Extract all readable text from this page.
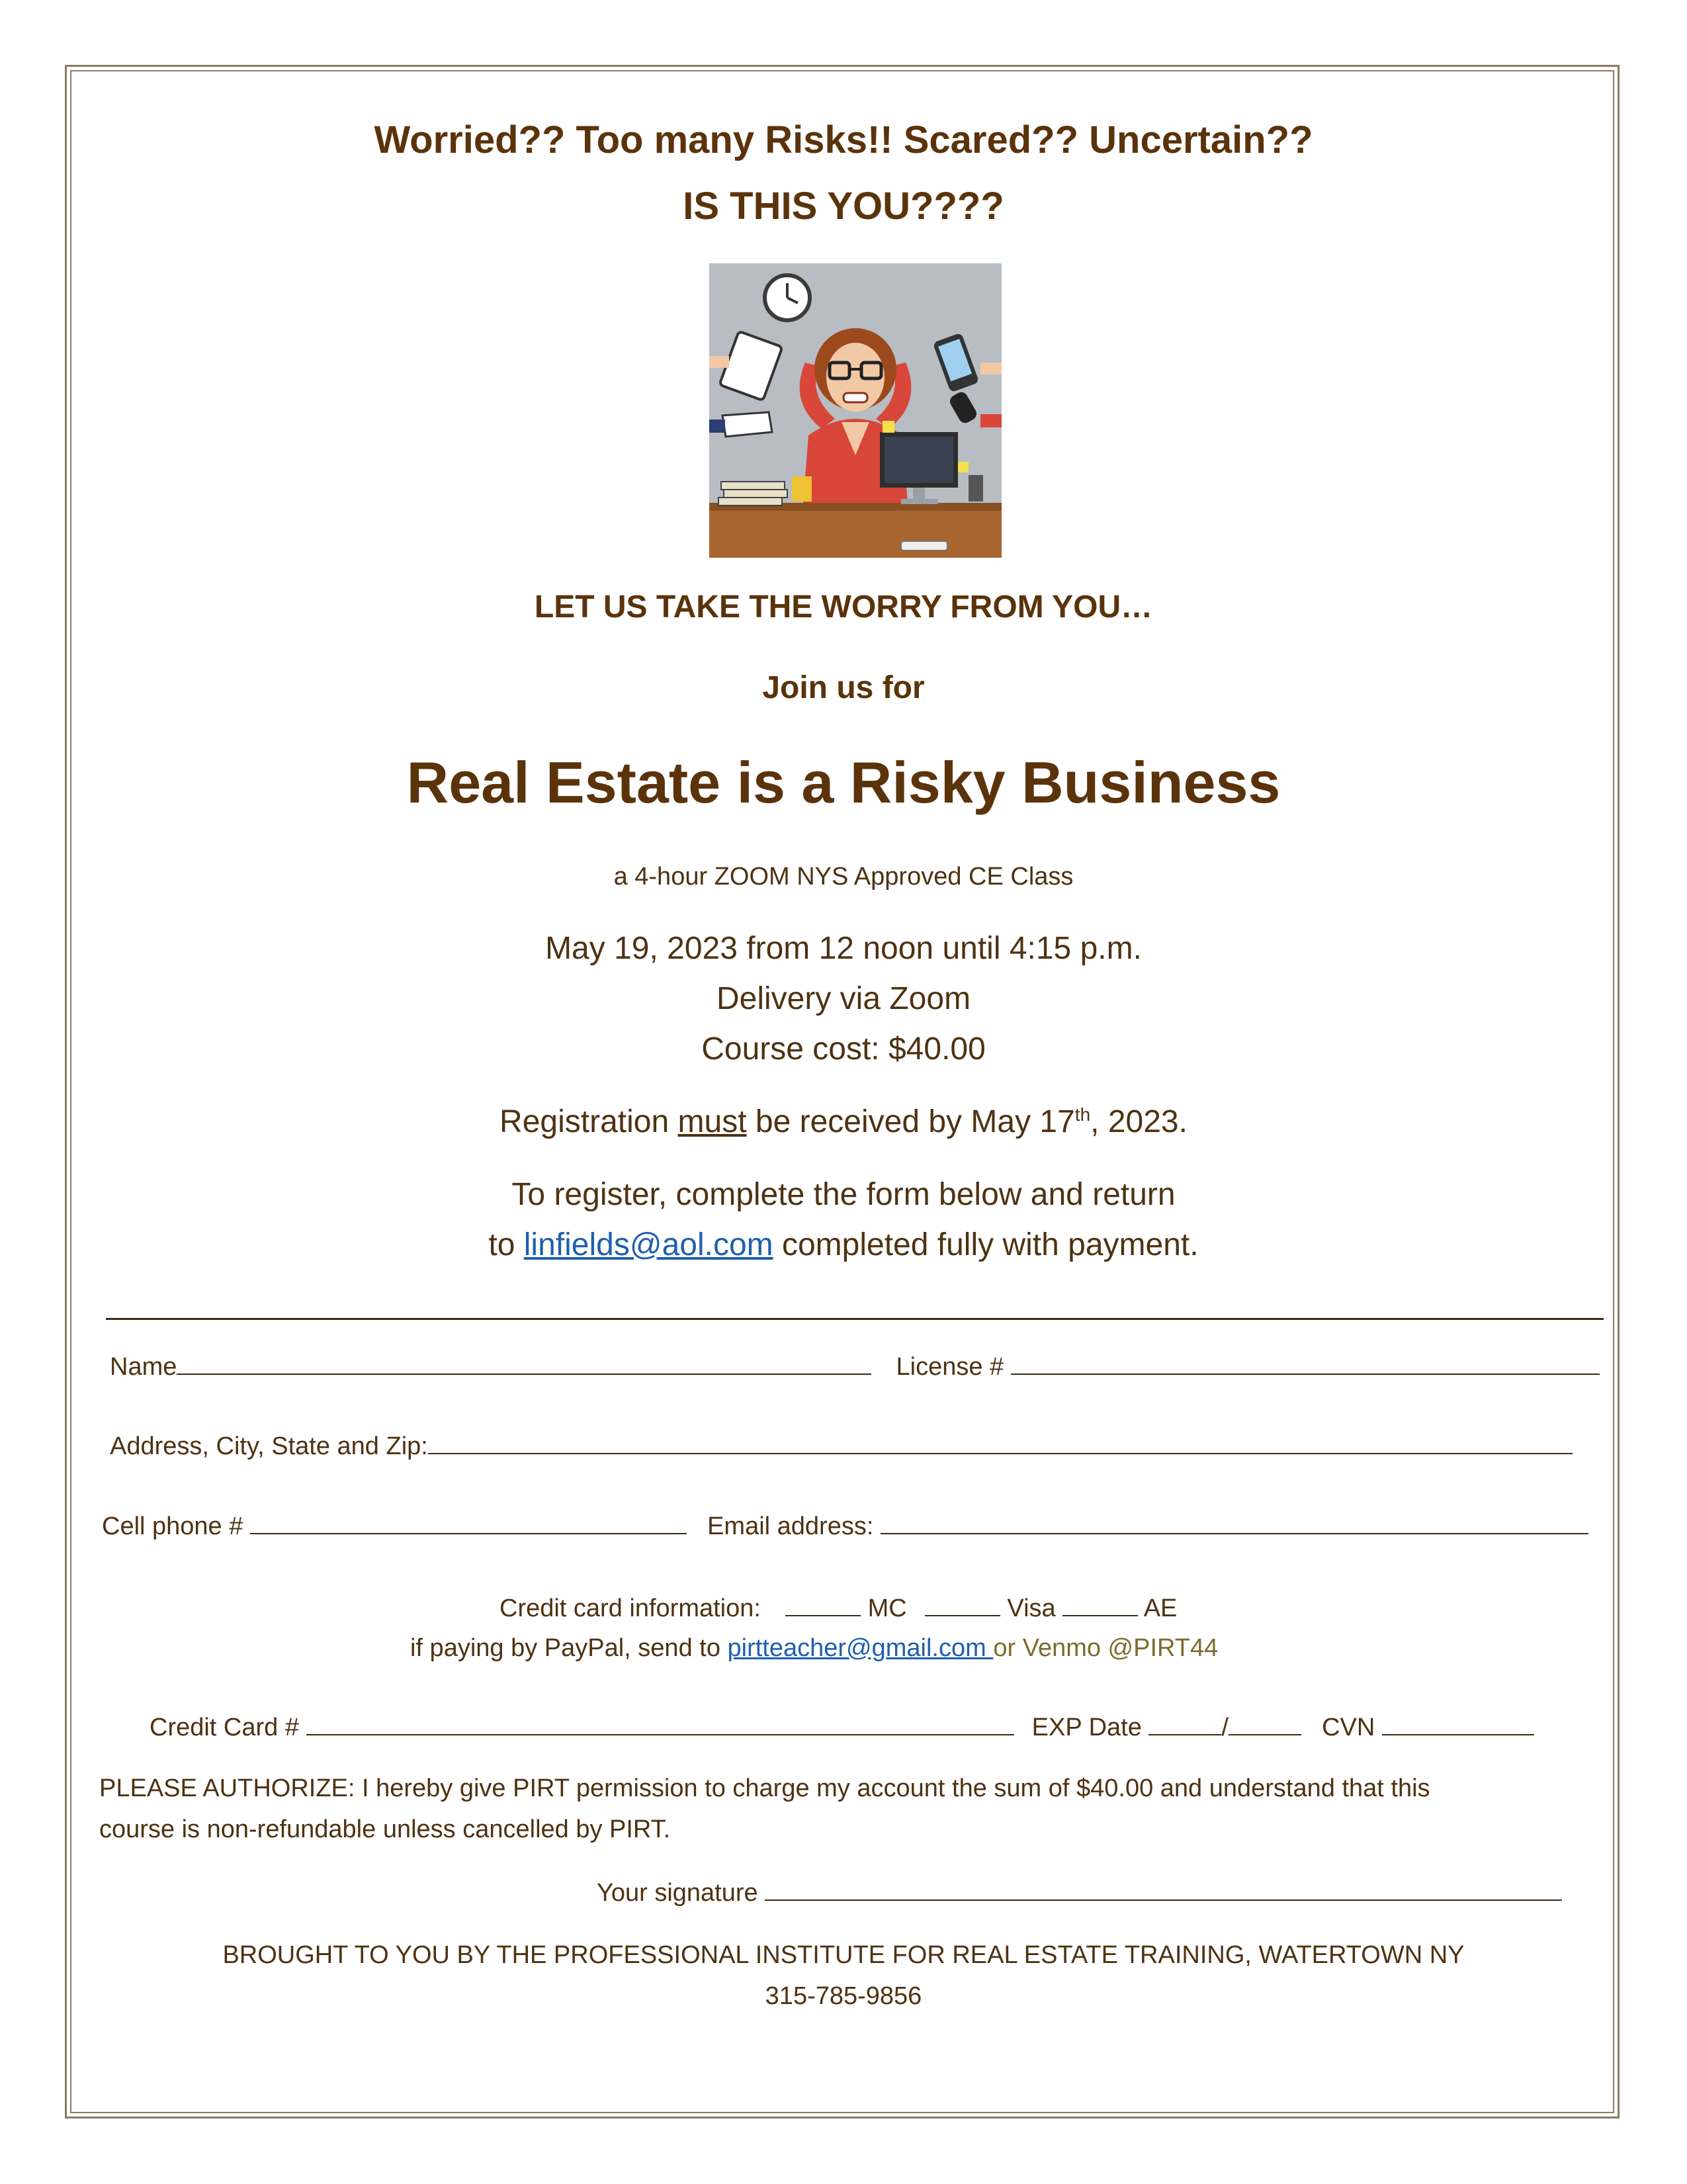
Worried?? Too many Risks!! Scared?? Uncertain??
IS THIS YOU????
LET US TAKE THE WORRY FROM YOU…
Join us for
Real Estate is a Risky Business
a 4-hour ZOOM NYS Approved CE Class
May 19, 2023 from 12 noon until 4:15 p.m.
Delivery via Zoom
Course cost: $40.00
Registration must be received by May 17th, 2023.
To register, complete the form below and return
to linfields@aol.com completed fully with payment.
Name	License #
Address, City, State and Zip:
Cell phone #	Email address:
Credit card information:	MC	Visa	AE
if paying by PayPal, send to pirtteacher@gmail.com or Venmo @PIRT44
Credit Card #	EXP Date	/	CVN
PLEASE AUTHORIZE: I hereby give PIRT permission to charge my account the sum of $40.00 and understand that this
course is non-refundable unless cancelled by PIRT.
Your signature
BROUGHT TO YOU BY THE PROFESSIONAL INSTITUTE FOR REAL ESTATE TRAINING, WATERTOWN NY
315-785-9856
